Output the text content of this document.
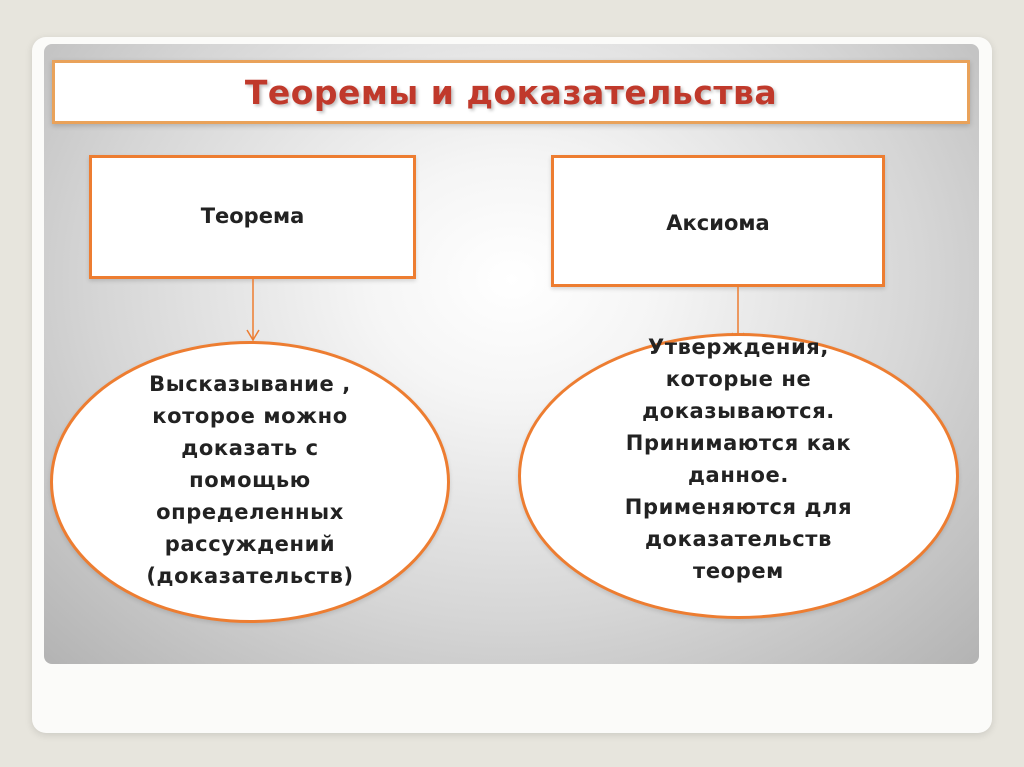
Теоремы и доказательства
Теорема	Аксиома
Высказывание ,
которое можно
доказать с
помощью
определенных
рассуждений
(доказательств)
Утверждения,
которые не
доказываются.
Принимаются как
данное.
Применяются для
доказательств
теорем
